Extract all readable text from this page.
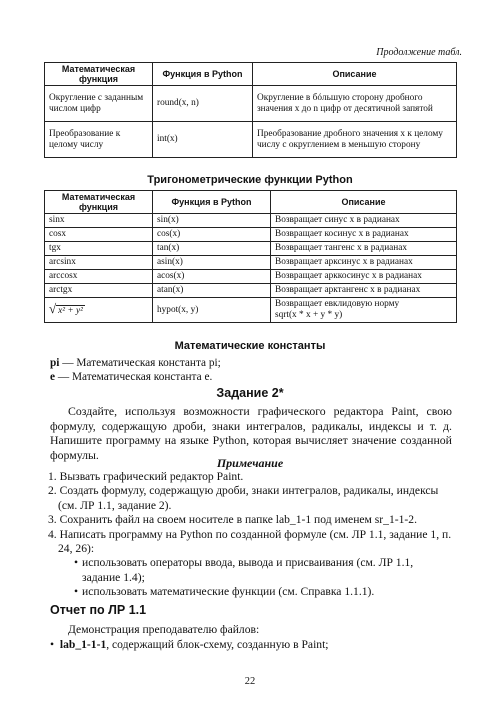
Продолжение табл.
Математическая функция	Функция в Python	Описание
Округление с заданным числом цифр	round(x, n)	Округление в бóльшую сторону дробного значения x до n цифр от десятичной запятой
Преобразование к целому числу	int(x)	Преобразование дробного значения x к целому числу с округлением в меньшую сторону
Тригонометрические функции Python
Математическая функция	Функция в Python	Описание
sinx	sin(x)	Возвращает синус x в радианах
cosx	cos(x)	Возвращает косинус x в радианах
tgx	tan(x)	Возвращает тангенс x в радианах
arcsinx	asin(x)	Возвращает арксинус x в радианах
arccosx	acos(x)	Возвращает арккосинус x в радианах
arctgx	atan(x)	Возвращает арктангенс x в радианах
√ x² + y²	hypot(x, y)	Возвращает евклидовую норму
sqrt(x * x + y * y)
Математические константы
pi — Математическая константа pi;
e — Математическая константа e.
Задание 2*
Создайте, используя возможности графического редактора Paint, свою формулу, содержащую дроби, знаки интегралов, радикалы, индексы и т. д. Напишите программу на языке Python, которая вычисляет значение созданной формулы.
Примечание
1. Вызвать графический редактор Paint.
2. Создать формулу, содержащую дроби, знаки интегралов, радикалы, индексы (см. ЛР 1.1, задание 2).
3. Сохранить файл на своем носителе в папке lab_1-1 под именем sr_1-1-2.
4. Написать программу на Python по созданной формуле (см. ЛР 1.1, задание 1, п. 24, 26):
• использовать операторы ввода, вывода и присваивания (см. ЛР 1.1, задание 1.4);
• использовать математические функции (см. Справка 1.1.1).
Отчет по ЛР 1.1
Демонстрация преподавателю файлов:
•  lab_1-1-1, содержащий блок-схему, созданную в Paint;
22
